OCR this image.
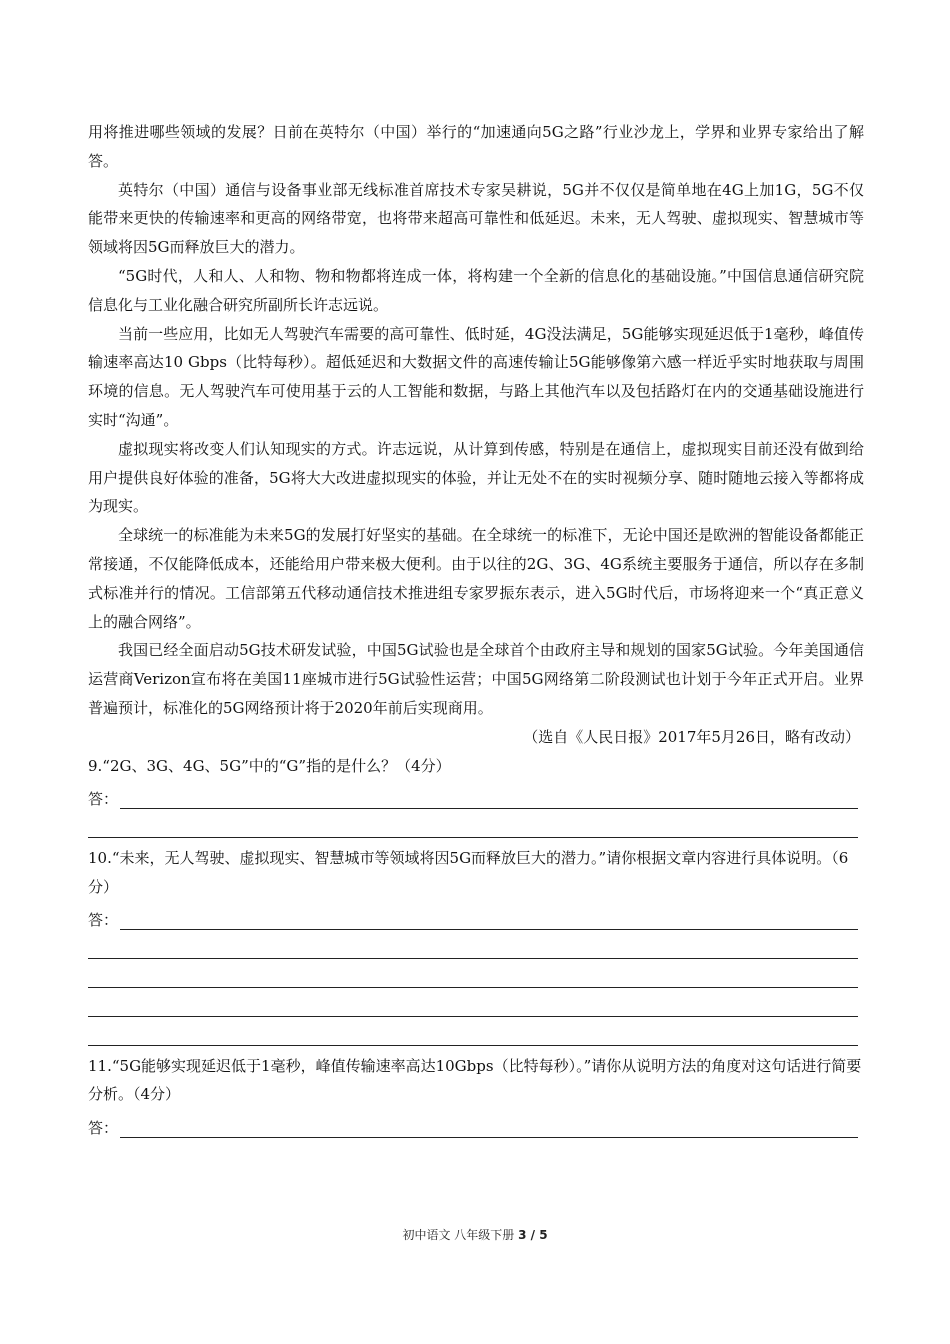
用将推进哪些领域的发展？日前在英特尔（中国）举行的“加速通向5G之路”行业沙龙上，学界和业界专家给出了解答。

英特尔（中国）通信与设备事业部无线标准首席技术专家吴耕说，5G并不仅仅是简单地在4G上加1G，5G不仅能带来更快的传输速率和更高的网络带宽，也将带来超高可靠性和低延迟。未来，无人驾驶、虚拟现实、智慧城市等领域将因5G而释放巨大的潜力。

“5G时代，人和人、人和物、物和物都将连成一体，将构建一个全新的信息化的基础设施。”中国信息通信研究院信息化与工业化融合研究所副所长许志远说。

当前一些应用，比如无人驾驶汽车需要的高可靠性、低时延，4G没法满足，5G能够实现延迟低于1毫秒，峰值传输速率高达10 Gbps（比特每秒）。超低延迟和大数据文件的高速传输让5G能够像第六感一样近乎实时地获取与周围环境的信息。无人驾驶汽车可使用基于云的人工智能和数据，与路上其他汽车以及包括路灯在内的交通基础设施进行实时“沟通”。

虚拟现实将改变人们认知现实的方式。许志远说，从计算到传感，特别是在通信上，虚拟现实目前还没有做到给用户提供良好体验的准备，5G将大大改进虚拟现实的体验，并让无处不在的实时视频分享、随时随地云接入等都将成为现实。

全球统一的标准能为未来5G的发展打好坚实的基础。在全球统一的标准下，无论中国还是欧洲的智能设备都能正常接通，不仅能降低成本，还能给用户带来极大便利。由于以往的2G、3G、4G系统主要服务于通信，所以存在多制式标准并行的情况。工信部第五代移动通信技术推进组专家罗振东表示，进入5G时代后，市场将迎来一个“真正意义上的融合网络”。

我国已经全面启动5G技术研发试验，中国5G试验也是全球首个由政府主导和规划的国家5G试验。今年美国通信运营商Verizon宣布将在美国11座城市进行5G试验性运营；中国5G网络第二阶段测试也计划于今年正式开启。业界普遍预计，标准化的5G网络预计将于2020年前后实现商用。

（选自《人民日报》2017年5月26日，略有改动）

9.“2G、3G、4G、5G”中的“G”指的是什么？（4分）

答：

10.“未来，无人驾驶、虚拟现实、智慧城市等领域将因5G而释放巨大的潜力。”请你根据文章内容进行具体说明。（6分）

答：

11.“5G能够实现延迟低于1毫秒，峰值传输速率高达10Gbps（比特每秒）。”请你从说明方法的角度对这句话进行简要分析。（4分）

答：
初中语文 八年级下册 3 / 5
